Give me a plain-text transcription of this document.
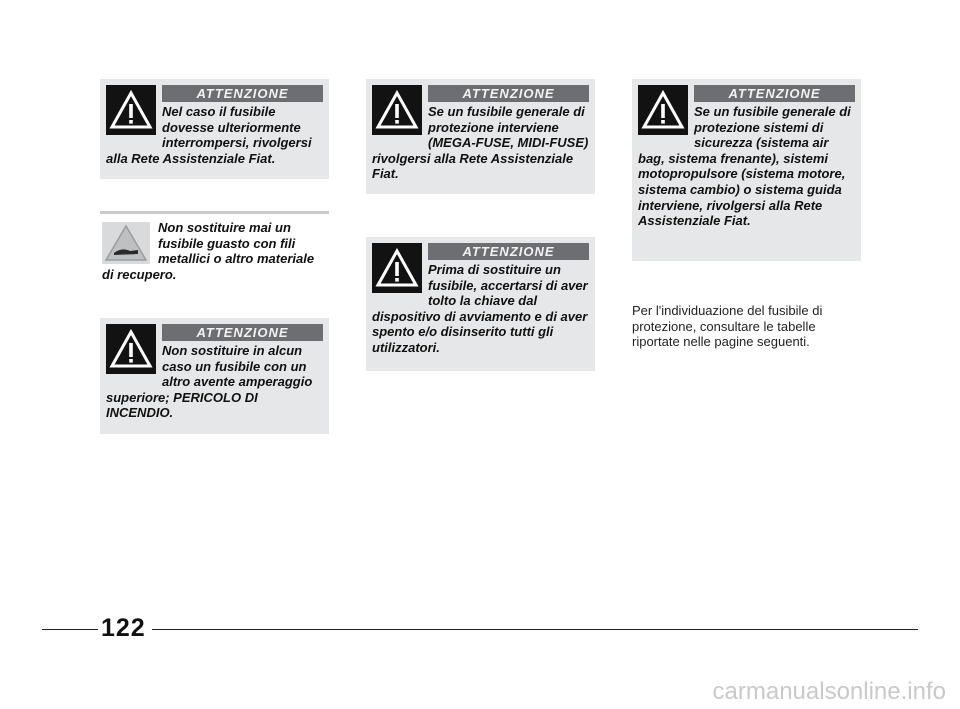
ATTENZIONE

Nel caso il fusibile dovesse ulteriormente interrompersi, rivolgersi alla Rete Assistenziale Fiat.

Non sostituire mai un fusibile guasto con fili metallici o altro materiale di recupero.

ATTENZIONE

Non sostituire in alcun caso un fusibile con un altro avente amperaggio superiore; PERICOLO DI INCENDIO.

ATTENZIONE

Se un fusibile generale di protezione interviene (MEGA-FUSE, MIDI-FUSE) rivolgersi alla Rete Assistenziale Fiat.

ATTENZIONE

Prima di sostituire un fusibile, accertarsi di aver tolto la chiave dal dispositivo di avviamento e di aver spento e/o disinserito tutti gli utilizzatori.

ATTENZIONE

Se un fusibile generale di protezione sistemi di sicurezza (sistema air bag, sistema frenante), sistemi motopropulsore (sistema motore, sistema cambio) o sistema guida interviene, rivolgersi alla Rete Assistenziale Fiat.

Per l'individuazione del fusibile di protezione, consultare le tabelle riportate nelle pagine seguenti.
122
carmanualsonline.info
